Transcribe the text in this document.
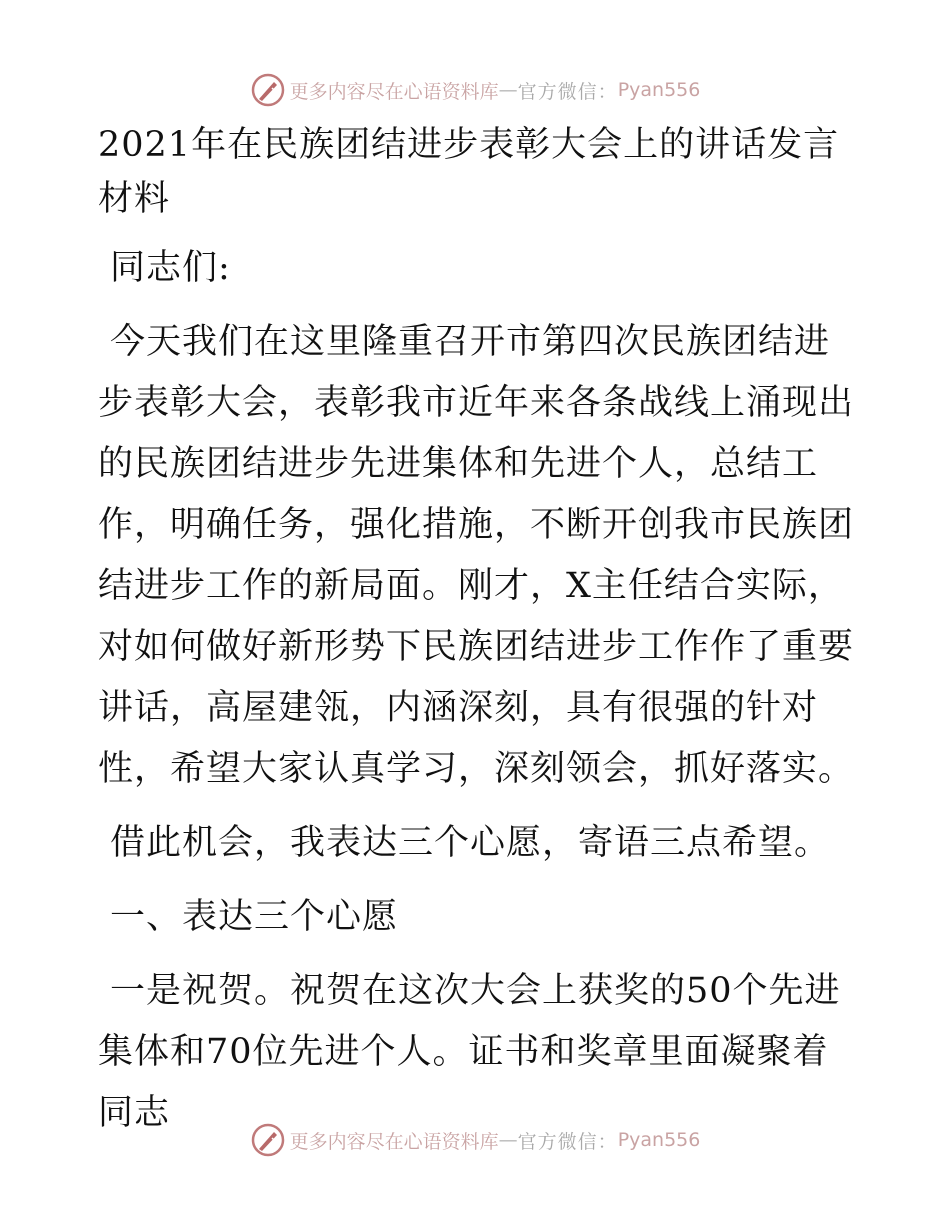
更多内容尽在心语资料库 — 官方微信： Pyan556
2021年在民族团结进步表彰大会上的讲话发言材料
同志们:
今天我们在这里隆重召开市第四次民族团结进步表彰大会，表彰我市近年来各条战线上涌现出的民族团结进步先进集体和先进个人，总结工作，明确任务，强化措施，不断开创我市民族团结进步工作的新局面。刚才，X主任结合实际，对如何做好新形势下民族团结进步工作作了重要讲话，高屋建瓴，内涵深刻，具有很强的针对性，希望大家认真学习，深刻领会，抓好落实。
借此机会，我表达三个心愿，寄语三点希望。
一、表达三个心愿
一是祝贺。祝贺在这次大会上获奖的50个先进集体和70位先进个人。证书和奖章里面凝聚着同志
更多内容尽在心语资料库 — 官方微信： Pyan556
